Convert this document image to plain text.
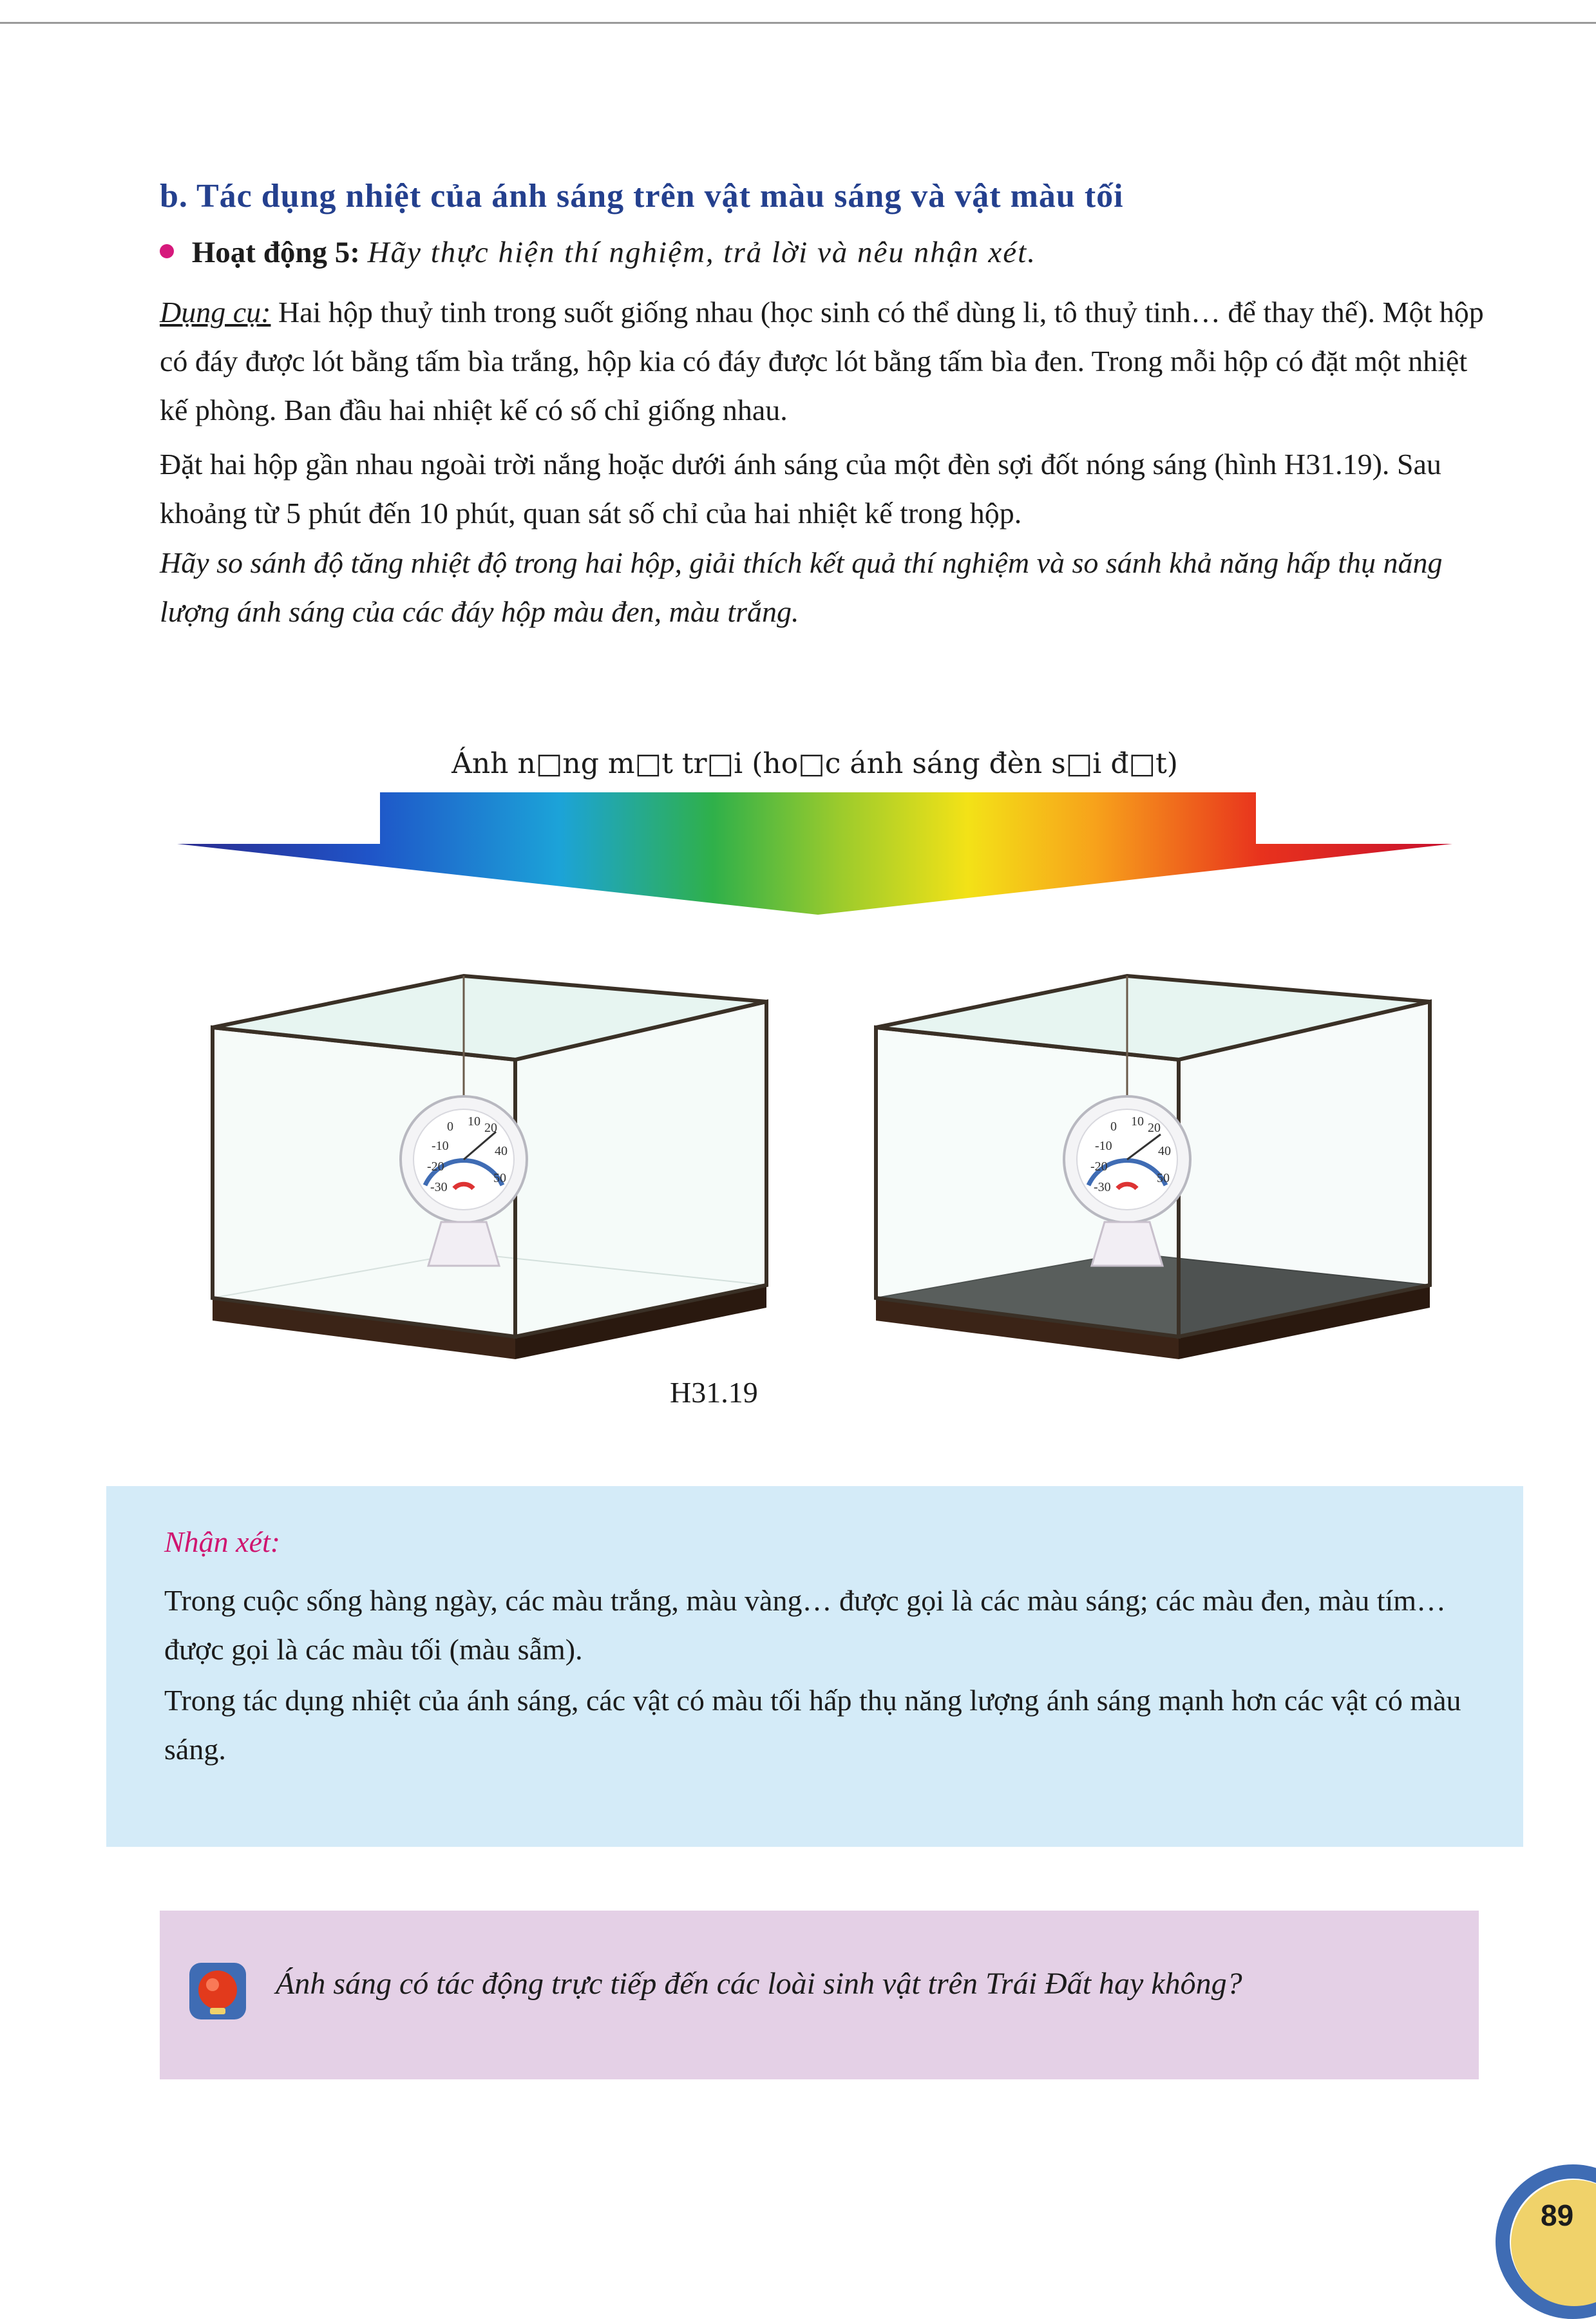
b. Tác dụng nhiệt của ánh sáng trên vật màu sáng và vật màu tối
Hoạt động 5: Hãy thực hiện thí nghiệm, trả lời và nêu nhận xét.

Dụng cụ: Hai hộp thuỷ tinh trong suốt giống nhau (học sinh có thể dùng li, tô thuỷ tinh… để thay thế). Một hộp có đáy được lót bằng tấm bìa trắng, hộp kia có đáy được lót bằng tấm bìa đen. Trong mỗi hộp có đặt một nhiệt kế phòng. Ban đầu hai nhiệt kế có số chỉ giống nhau.

Đặt hai hộp gần nhau ngoài trời nắng hoặc dưới ánh sáng của một đèn sợi đốt nóng sáng (hình H31.19). Sau khoảng từ 5 phút đến 10 phút, quan sát số chỉ của hai nhiệt kế trong hộp.

Hãy so sánh độ tăng nhiệt độ trong hai hộp, giải thích kết quả thí nghiệm và so sánh khả năng hấp thụ năng lượng ánh sáng của các đáy hộp màu đen, màu trắng.

Ánh n□ng m□t tr□i (ho□c ánh sáng đèn s□i đ□t)
0 10 20
-10	40
-20
50
-30
0 10 20
-10	40
-20
50
-30
H31.19

Nhận xét:

Trong cuộc sống hàng ngày, các màu trắng, màu vàng… được gọi là các màu sáng; các màu đen, màu tím… được gọi là các màu tối (màu sẫm).

Trong tác dụng nhiệt của ánh sáng, các vật có màu tối hấp thụ năng lượng ánh sáng mạnh hơn các vật có màu sáng.

Ánh sáng có tác động trực tiếp đến các loài sinh vật trên Trái Đất hay không?
89
